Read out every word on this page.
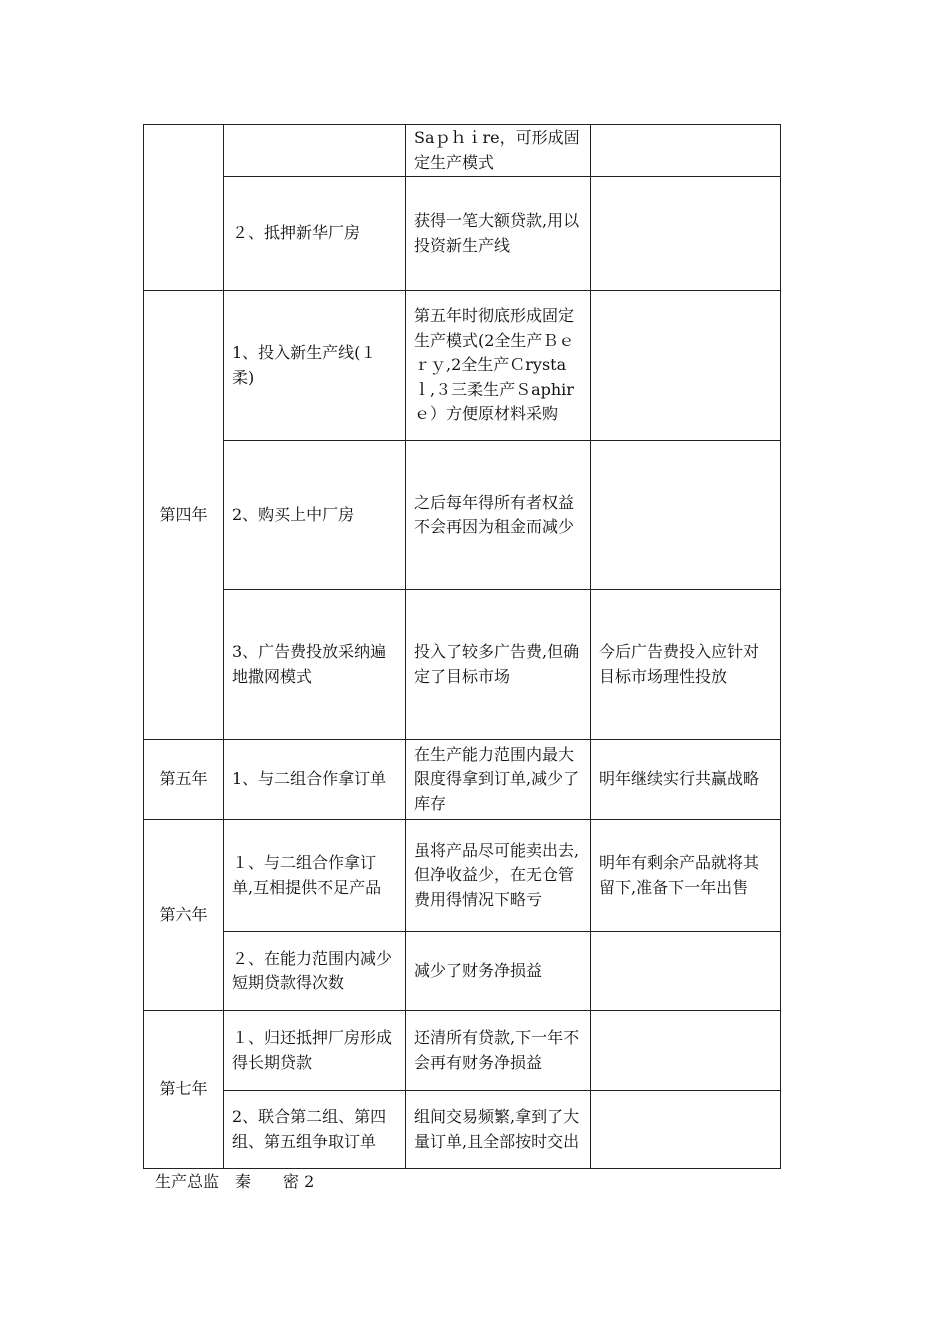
		Saｐｈｉre，可形成固定生产模式	
	２、抵押新华厂房	获得一笔大额贷款,用以投资新生产线	
第四年	1、投入新生产线(１柔)	第五年时彻底形成固定生产模式(2全生产Ｂｅｒｙ,2全生产Ｃrystaｌ,３三柔生产Ｓaphirｅ）方便原材料采购	
	2、购买上中厂房	之后每年得所有者权益不会再因为租金而减少	
	3、广告费投放采纳遍地撒网模式	投入了较多广告费,但确定了目标市场	今后广告费投入应针对目标市场理性投放
第五年	1、与二组合作拿订单	在生产能力范围内最大限度得拿到订单,减少了库存	明年继续实行共赢战略
第六年	１、与二组合作拿订单,互相提供不足产品	虽将产品尽可能卖出去,但净收益少，在无仓管费用得情况下略亏	明年有剩余产品就将其留下,准备下一年出售
	２、在能力范围内减少短期贷款得次数	减少了财务净损益	
第七年	１、归还抵押厂房形成得长期贷款	还清所有贷款,下一年不会再有财务净损益	
	2、联合第二组、第四组、第五组争取订单	组间交易频繁,拿到了大量订单,且全部按时交出	
生产总监　秦　　密 2
